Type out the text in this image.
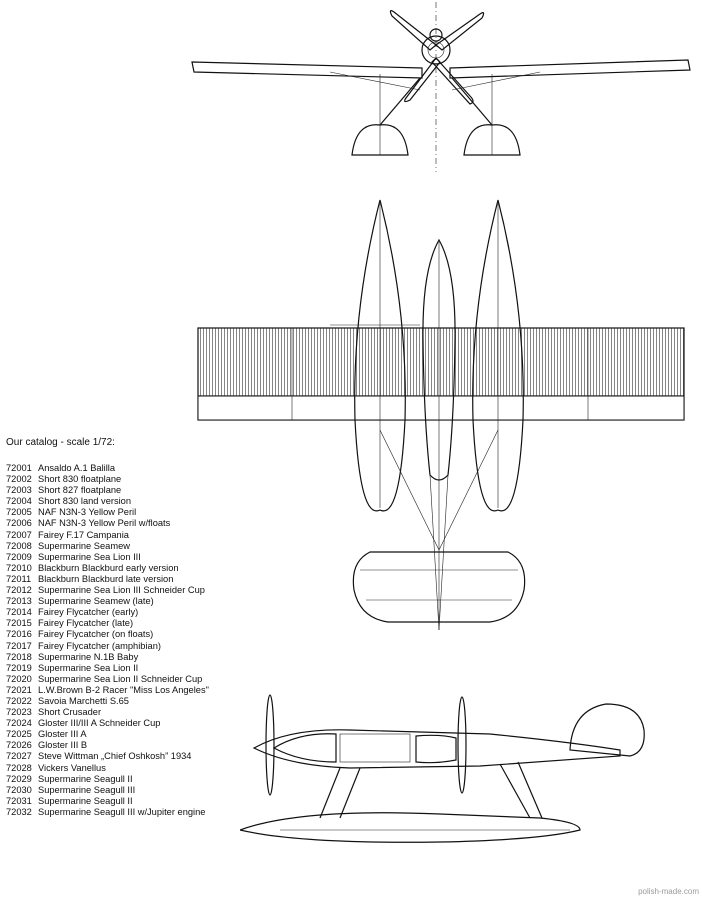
Our catalog - scale 1/72:
72001 Ansaldo A.1 Balilla
72002 Short 830 floatplane
72003 Short 827 floatplane
72004 Short 830 land version
72005 NAF N3N-3 Yellow Peril
72006 NAF N3N-3 Yellow Peril w/floats
72007 Fairey F.17 Campania
72008 Supermarine Seamew
72009 Supermarine Sea Lion III
72010 Blackburn Blackburd early version
72011 Blackburn Blackburd late version
72012 Supermarine Sea Lion III Schneider Cup
72013 Supermarine Seamew (late)
72014 Fairey Flycatcher (early)
72015 Fairey Flycatcher (late)
72016 Fairey Flycatcher (on floats)
72017 Fairey Flycatcher (amphibian)
72018 Supermarine N.1B Baby
72019 Supermarine Sea Lion II
72020 Supermarine Sea Lion II Schneider Cup
72021 L.W.Brown B-2 Racer "Miss Los Angeles"
72022 Savoia Marchetti S.65
72023 Short Crusader
72024 Gloster III/III A Schneider Cup
72025 Gloster III A
72026 Gloster III B
72027 Steve Wittman „Chief Oshkosh” 1934
72028 Vickers Vanellus
72029 Supermarine Seagull II
72030 Supermarine Seagull III
72031 Supermarine Seagull II
72032 Supermarine Seagull III w/Jupiter engine
polish-made.com
